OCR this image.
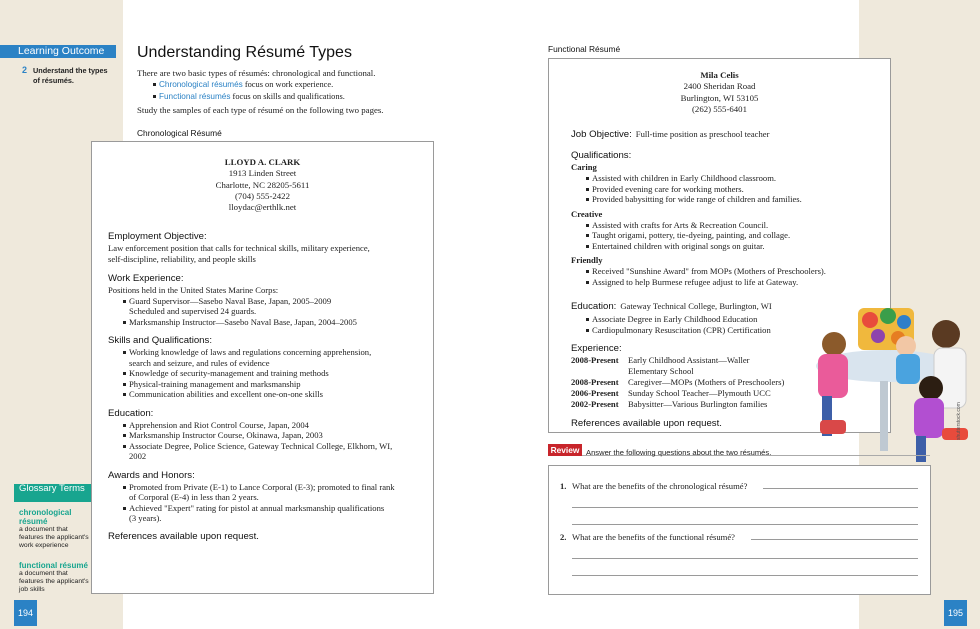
Learning Outcome
2 Understand the types of résumés.
Glossary Terms
chronological résumé
a document that features the applicant's work experience
functional résumé
a document that features the applicant's job skills
194	195
Understanding Résumé Types
There are two basic types of résumés: chronological and functional.
Chronological résumés focus on work experience.
Functional résumés focus on skills and qualifications.
Study the samples of each type of résumé on the following two pages.
Chronological Résumé
Functional Résumé
LLOYD A. CLARK
1913 Linden Street
Charlotte, NC 28205-5611
(704) 555-2422
lloydac@erthlk.net
Employment Objective:
Law enforcement position that calls for technical skills, military experience,
self-discipline, reliability, and people skills
Work Experience:
Positions held in the United States Marine Corps:
Guard Supervisor—Sasebo Naval Base, Japan, 2005–2009
Scheduled and supervised 24 guards.
Marksmanship Instructor—Sasebo Naval Base, Japan, 2004–2005
Skills and Qualifications:
Working knowledge of laws and regulations concerning apprehension,
search and seizure, and rules of evidence
Knowledge of security-management and training methods
Physical-training management and marksmanship
Communication abilities and excellent one-on-one skills
Education:
Apprehension and Riot Control Course, Japan, 2004
Marksmanship Instructor Course, Okinawa, Japan, 2003
Associate Degree, Police Science, Gateway Technical College, Elkhorn, WI,
2002
Awards and Honors:
Promoted from Private (E-1) to Lance Corporal (E-3); promoted to final rank
of Corporal (E-4) in less than 2 years.
Achieved "Expert" rating for pistol at annual marksmanship qualifications
(3 years).
References available upon request.
Mila Celis
2400 Sheridan Road
Burlington, WI 53105
(262) 555-6401
Job Objective: Full-time position as preschool teacher
Qualifications:
Caring
Assisted with children in Early Childhood classroom.
Provided evening care for working mothers.
Provided babysitting for wide range of children and families.
Creative
Assisted with crafts for Arts & Recreation Council.
Taught origami, pottery, tie-dyeing, painting, and collage.
Entertained children with original songs on guitar.
Friendly
Received "Sunshine Award" from MOPs (Mothers of Preschoolers).
Assigned to help Burmese refugee adjust to life at Gateway.
Education: Gateway Technical College, Burlington, WI
Associate Degree in Early Childhood Education
Cardiopulmonary Resuscitation (CPR) Certification
Experience:
2008-Present Early Childhood Assistant—Waller
Elementary School
2008-Present Caregiver—MOPs (Mothers of Preschoolers)
2006-Present Sunday School Teacher—Plymouth UCC
2002-Present Babysitter—Various Burlington families
References available upon request.	shutterstock.com
Review Answer the following questions about the two résumés.
1. What are the benefits of the chronological résumé?
2. What are the benefits of the functional résumé?
